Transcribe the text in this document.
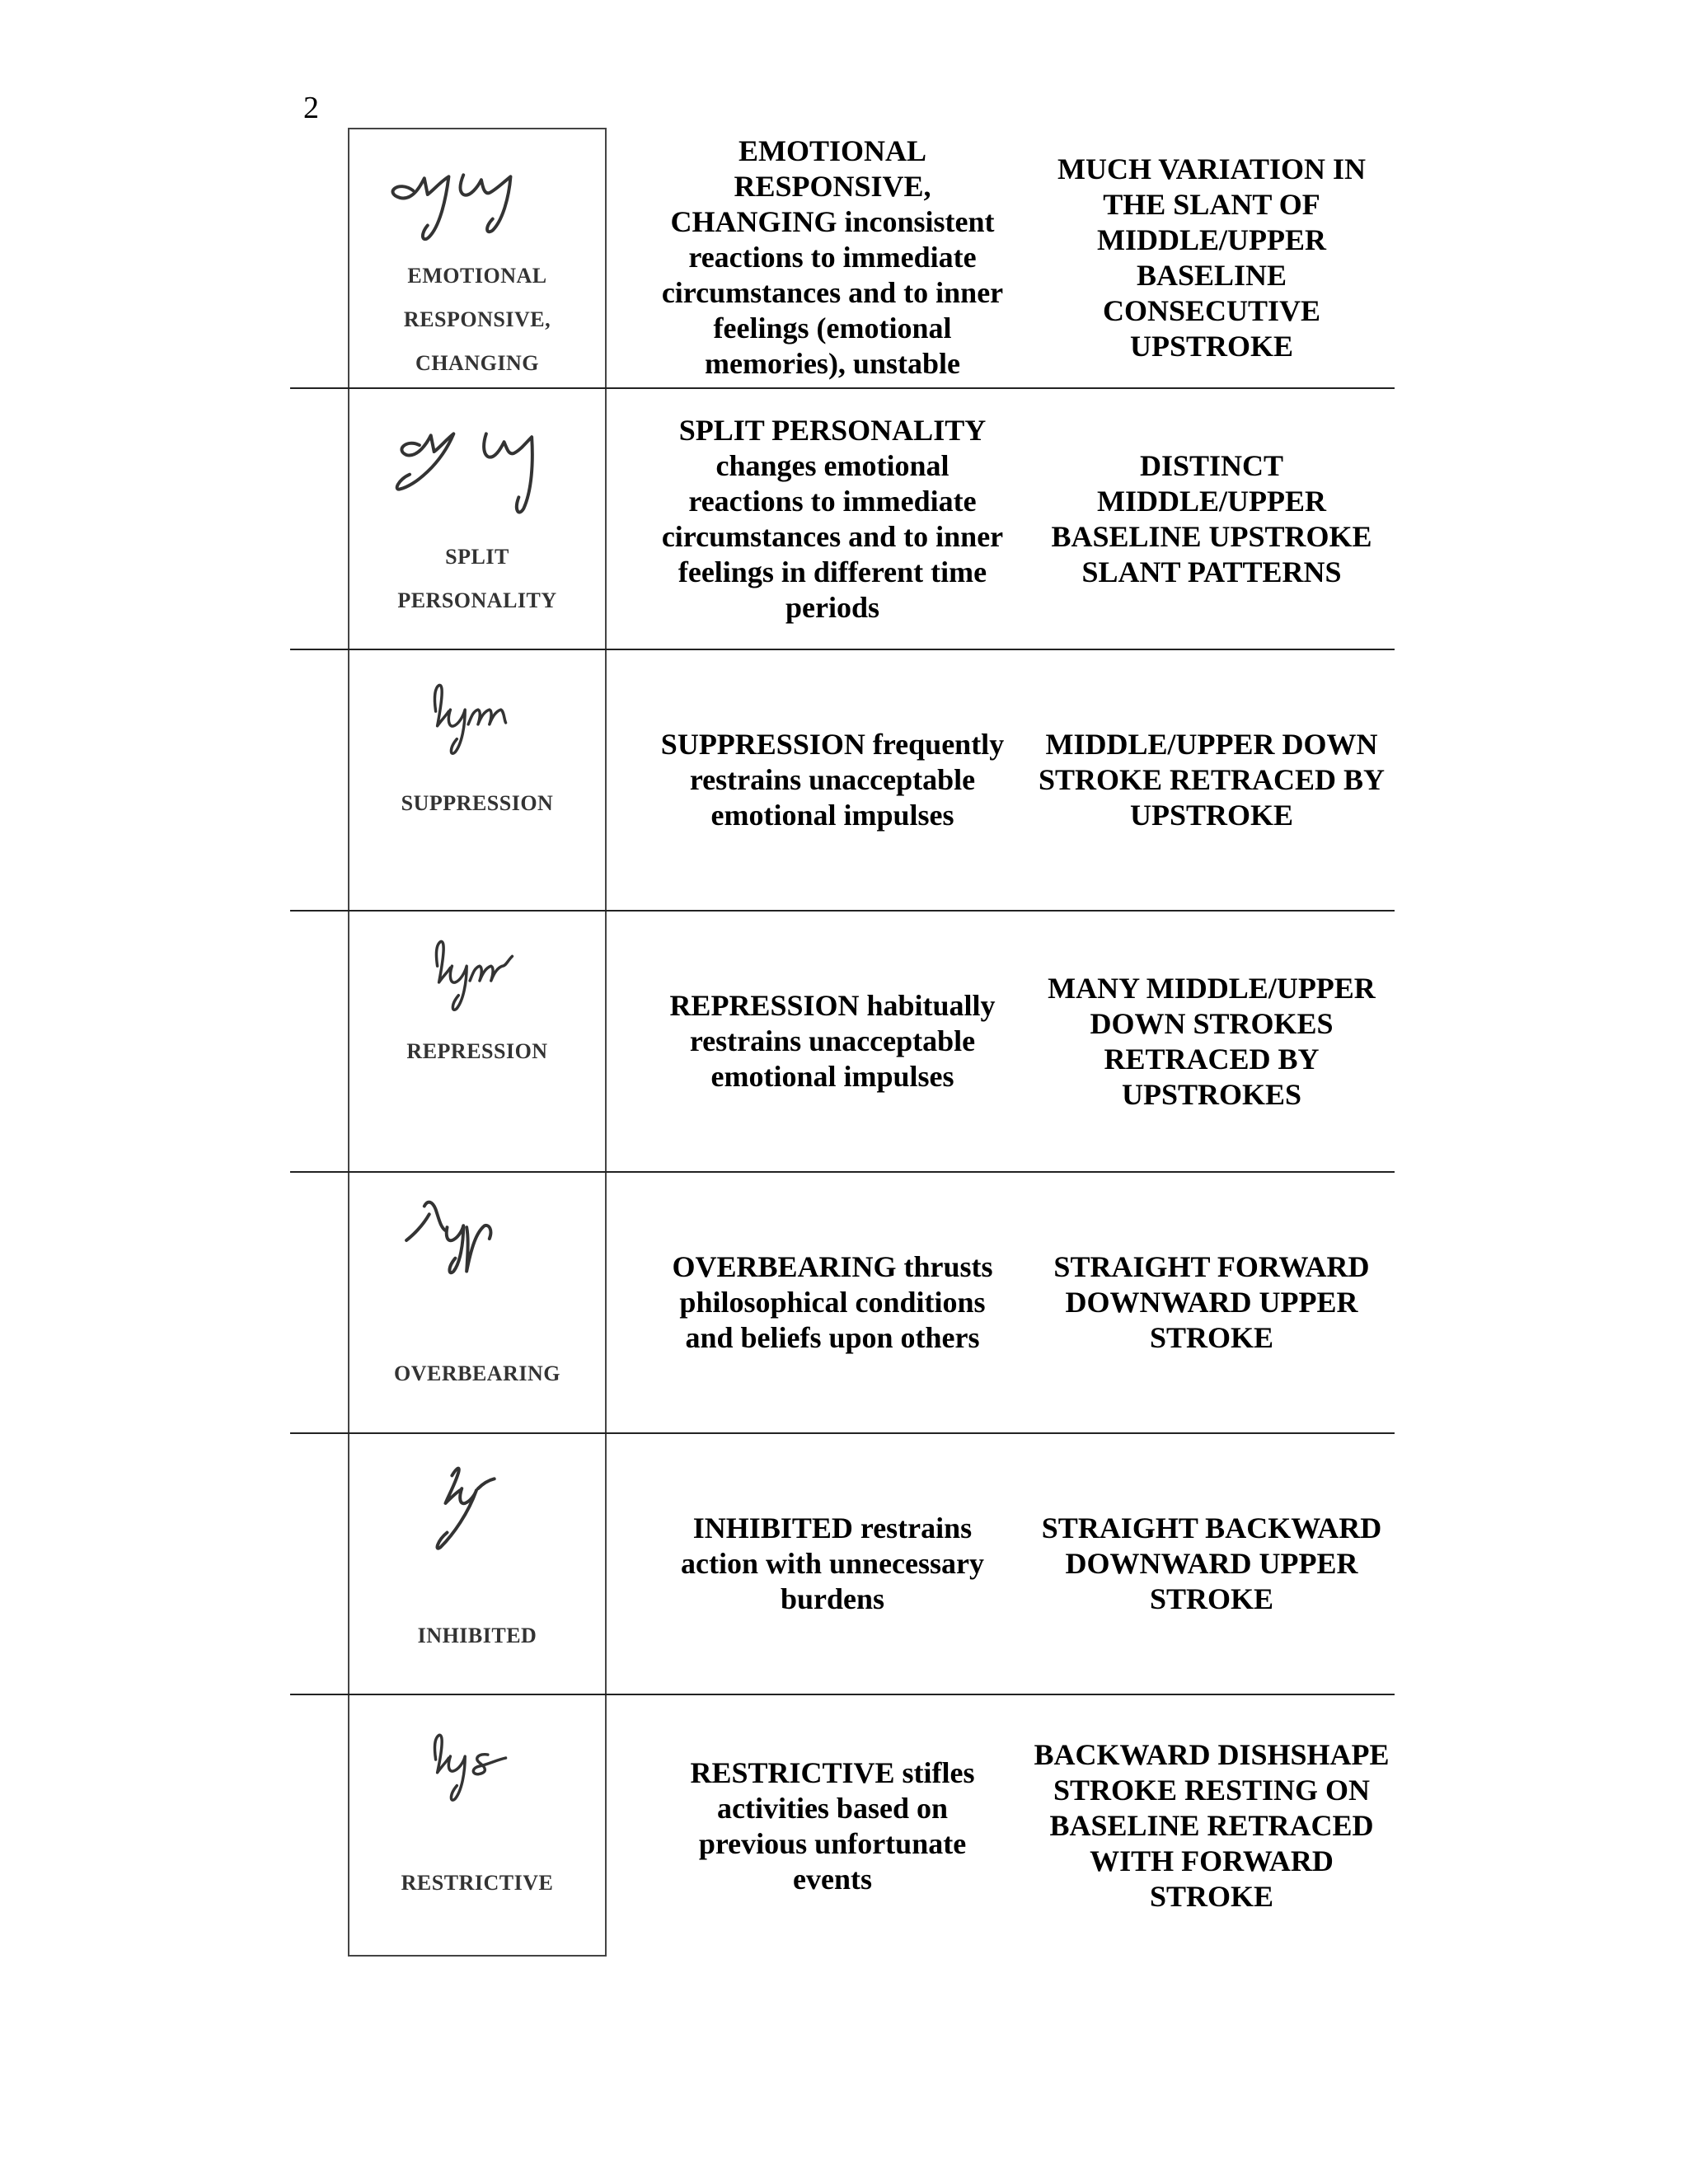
2
EMOTIONAL
RESPONSIVE,
CHANGING
EMOTIONAL RESPONSIVE, CHANGING inconsistent reactions to immediate circumstances and to inner feelings (emotional memories), unstable
MUCH VARIATION IN THE SLANT OF MIDDLE/UPPER BASELINE CONSECUTIVE UPSTROKE
SPLIT
PERSONALITY
SPLIT PERSONALITY changes emotional reactions to immediate circumstances and to inner feelings in different time periods
DISTINCT MIDDLE/UPPER BASELINE UPSTROKE SLANT PATTERNS
SUPPRESSION
SUPPRESSION frequently restrains unacceptable emotional impulses
MIDDLE/UPPER DOWN STROKE RETRACED BY UPSTROKE
REPRESSION
REPRESSION habitually restrains unacceptable emotional impulses
MANY MIDDLE/UPPER DOWN STROKES RETRACED BY UPSTROKES
OVERBEARING
OVERBEARING thrusts philosophical conditions and beliefs upon others
STRAIGHT FORWARD DOWNWARD UPPER STROKE
INHIBITED
INHIBITED restrains action with unnecessary burdens
STRAIGHT BACKWARD DOWNWARD UPPER STROKE
RESTRICTIVE
RESTRICTIVE stifles activities based on previous unfortunate events
BACKWARD DISHSHAPE STROKE RESTING ON BASELINE RETRACED WITH FORWARD STROKE
